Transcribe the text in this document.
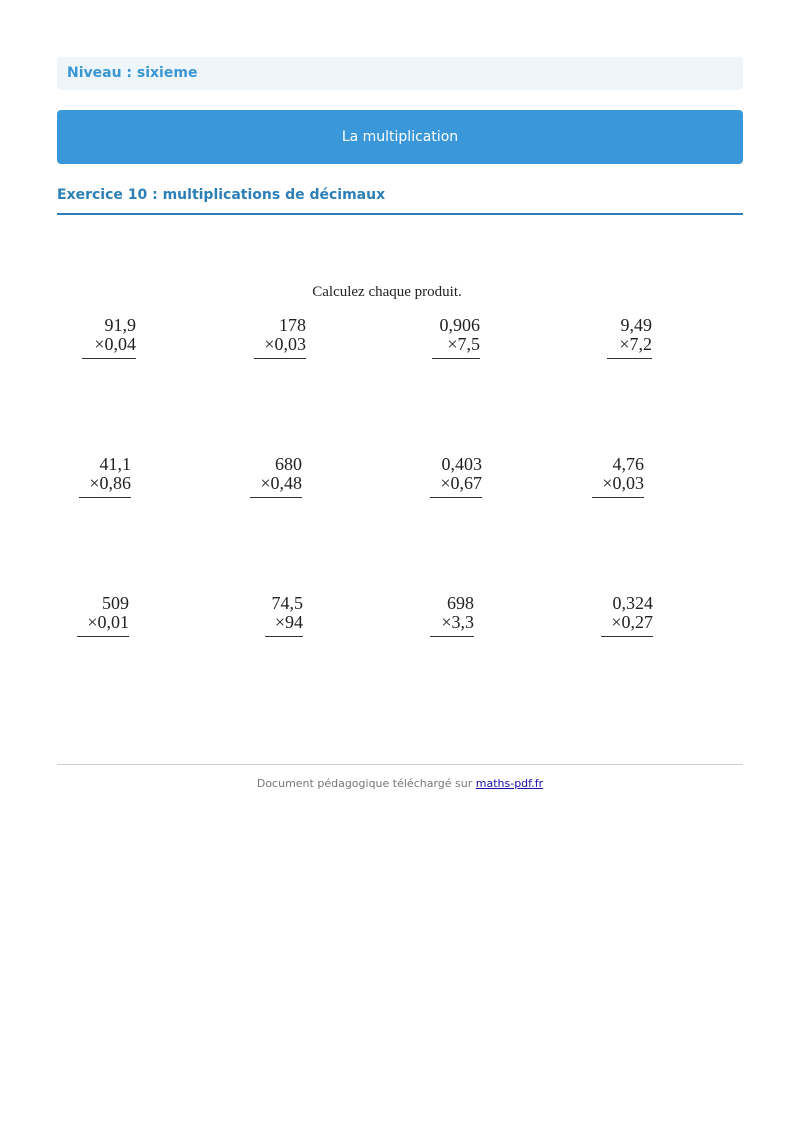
Niveau : sixieme
La multiplication
Exercice 10 : multiplications de décimaux
Calculez chaque produit.
91,9
×0,04
178
×0,03
0,906
×7,5
9,49
×7,2
41,1
×0,86
680
×0,48
0,403
×0,67
4,76
×0,03
509
×0,01
74,5
×94
698
×3,3
0,324
×0,27
Document pédagogique téléchargé sur maths-pdf.fr
